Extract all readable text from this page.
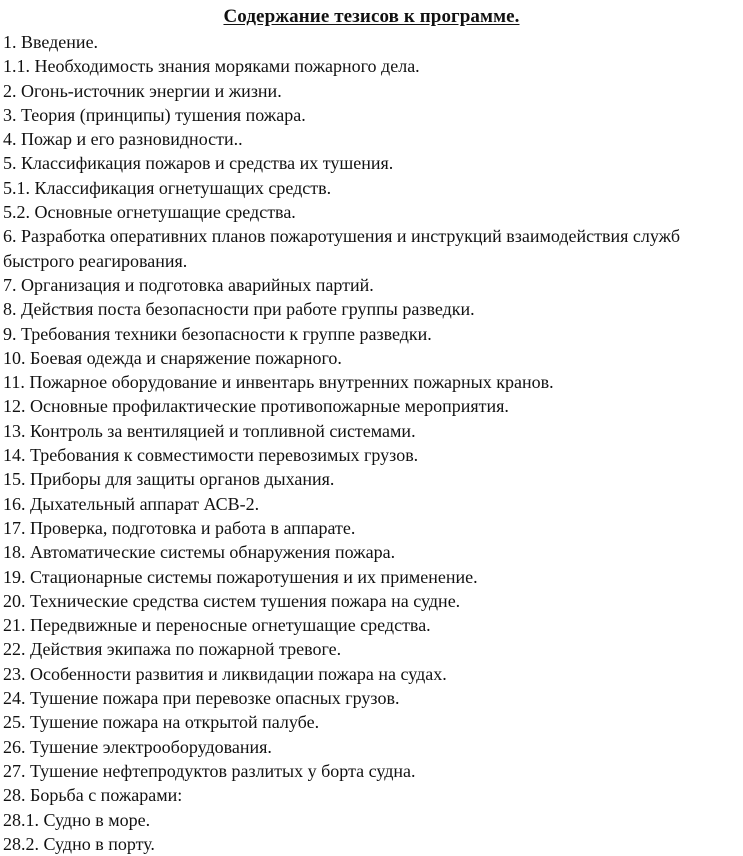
Содержание тезисов к программе.
1. Введение.
1.1. Необходимость знания моряками пожарного дела.
2. Огонь-источник энергии и жизни.
3. Теория (принципы) тушения пожара.
4. Пожар и его разновидности..
5. Классификация пожаров и средства их тушения.
5.1. Классификация огнетушащих средств.
5.2. Основные огнетушащие средства.
6. Разработка оперативних планов пожаротушения и инструкций взаимодействия служб быстрого реагирования.
7. Организация и подготовка аварийных партий.
8. Действия поста безопасности при работе группы разведки.
9. Требования техники безопасности к группе разведки.
10. Боевая одежда и снаряжение пожарного.
11. Пожарное оборудование и инвентарь внутренних пожарных кранов.
12. Основные профилактические противопожарные мероприятия.
13. Контроль за вентиляцией и топливной системами.
14. Требования к совместимости перевозимых грузов.
15. Приборы для защиты органов дыхания.
16. Дыхательный аппарат АСВ-2.
17. Проверка, подготовка и работа в аппарате.
18. Автоматические системы обнаружения пожара.
19. Стационарные системы пожаротушения и их применение.
20. Технические средства систем тушения пожара на судне.
21. Передвижные и переносные огнетушащие средства.
22. Действия экипажа по пожарной тревоге.
23. Особенности развития и ликвидации пожара на судах.
24. Тушение пожара при перевозке опасных грузов.
25. Тушение пожара на открытой палубе.
26. Тушение электрооборудования.
27. Тушение нефтепродуктов разлитых у борта судна.
28. Борьба с пожарами:
28.1. Судно в море.
28.2. Судно в порту.
